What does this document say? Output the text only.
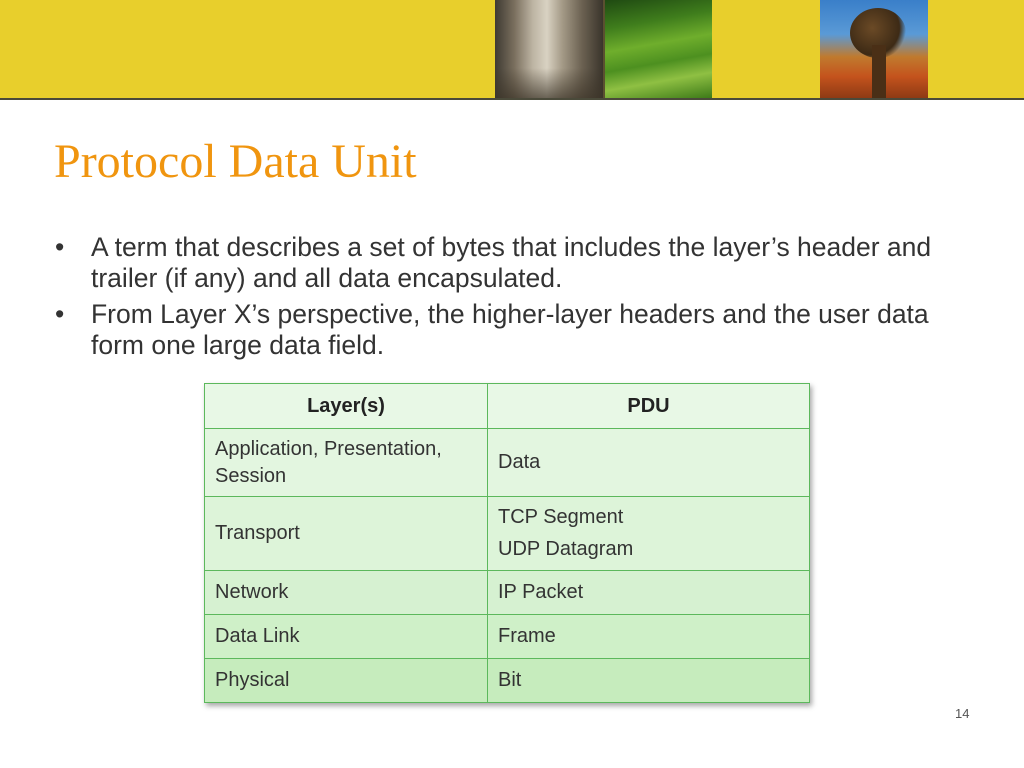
Protocol Data Unit
• A term that describes a set of bytes that includes the layer’s header and trailer (if any) and all data encapsulated.
• From Layer X’s perspective, the higher-layer headers and the user data form one large data field.
Layer(s)	PDU

Application, Presentation, Session	Data

Transport	TCP Segment
UDP Datagram

Network	IP Packet

Data Link	Frame

Physical	Bit
14
